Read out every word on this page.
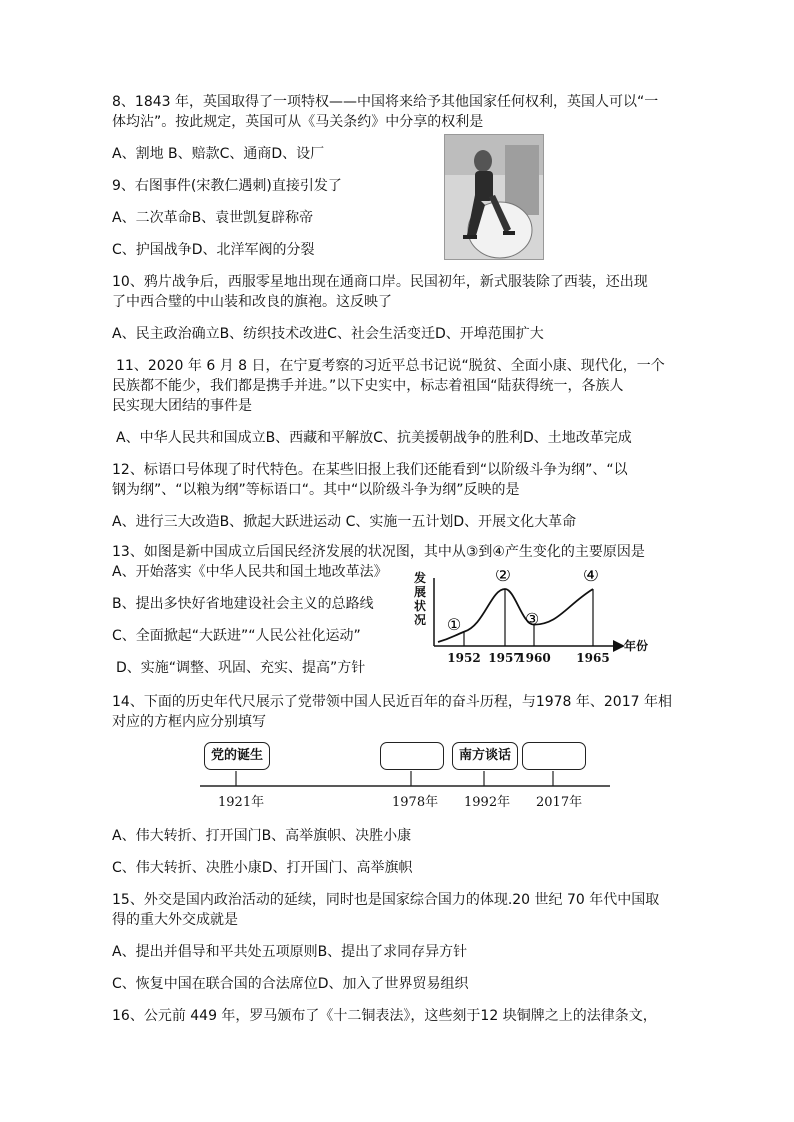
8、1843 年，英国取得了一项特权——中国将来给予其他国家任何权利，英国人可以“一
体均沾”。按此规定，英国可从《马关条约》中分享的权利是
A、割地 B、赔款C、通商D、设厂
9、右图事件(宋教仁遇刺)直接引发了
A、二次革命B、袁世凯复辟称帝
C、护国战争D、北洋军阀的分裂
10、鸦片战争后，西服零星地出现在通商口岸。民国初年，新式服装除了西装，还出现
了中西合璧的中山装和改良的旗袍。这反映了
A、民主政治确立B、纺织技术改进C、社会生活变迁D、开埠范围扩大
11、2020 年 6 月 8 日，在宁夏考察的习近平总书记说“脱贫、全面小康、现代化，一个
民族都不能少，我们都是携手并进。”以下史实中，标志着祖国“陆获得统一，各族人
民实现大团结的事件是
A、中华人民共和国成立B、西藏和平解放C、抗美援朝战争的胜利D、土地改革完成
12、标语口号体现了时代特色。在某些旧报上我们还能看到“以阶级斗争为纲”、“以
钢为纲”、“以粮为纲”等标语口“。其中“以阶级斗争为纲”反映的是
A、进行三大改造B、掀起大跃进运动 C、实施一五计划D、开展文化大革命
13、如图是新中国成立后国民经济发展的状况图，其中从③到④产生变化的主要原因是
A、开始落实《中华人民共和国土地改革法》
B、提出多快好省地建设社会主义的总路线
C、全面掀起“大跃进”“人民公社化运动”
D、实施“调整、巩固、充实、提高”方针
发展状况
年份
①
②
③
④
1952 1957
1960 1965
14、下面的历史年代尺展示了党带领中国人民近百年的奋斗历程，与1978 年、2017 年相
对应的方框内应分别填写
党的诞生	南方谈话
1921年	1978年 1992年 2017年
A、伟大转折、打开国门B、高举旗帜、决胜小康
C、伟大转折、决胜小康D、打开国门、高举旗帜
15、外交是国内政治活动的延续，同时也是国家综合国力的体现.20 世纪 70 年代中国取
得的重大外交成就是
A、提出并倡导和平共处五项原则B、提出了求同存异方针
C、恢复中国在联合国的合法席位D、加入了世界贸易组织
16、公元前 449 年，罗马颁布了《十二铜表法》，这些刻于12 块铜牌之上的法律条文，
